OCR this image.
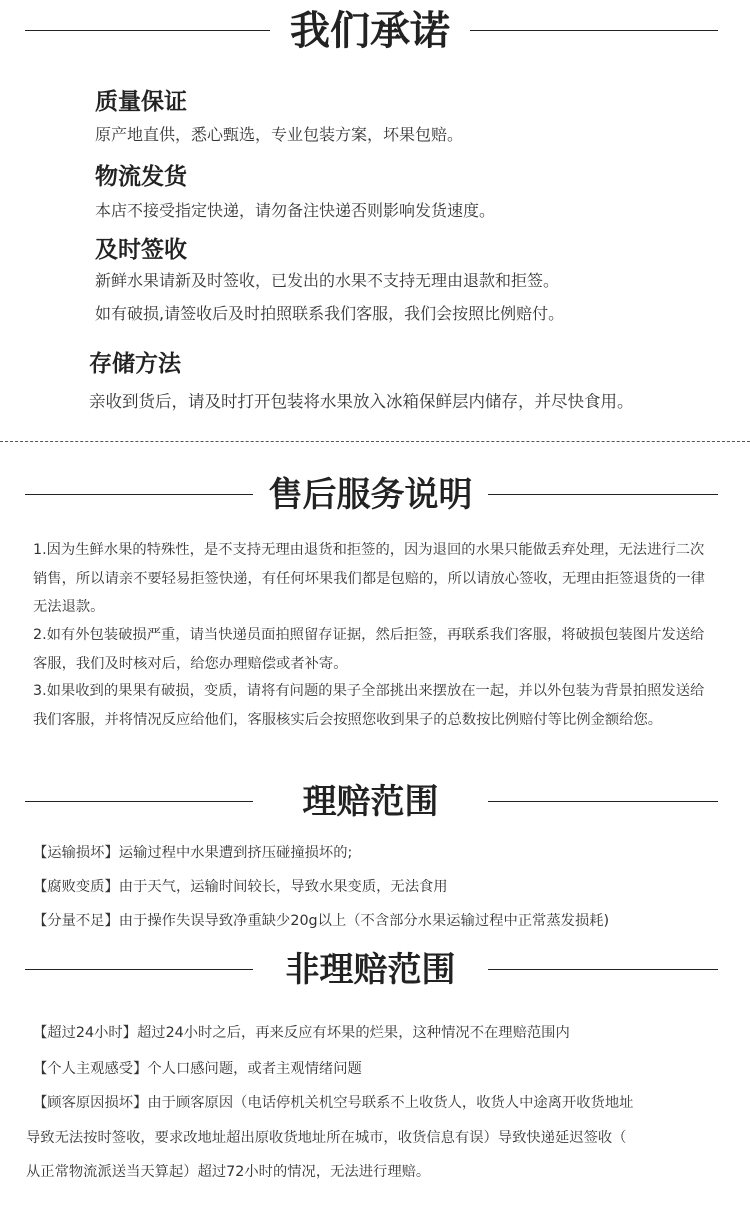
我们承诺
质量保证
原产地直供，悉心甄选，专业包装方案，坏果包赔。
物流发货
本店不接受指定快递，请勿备注快递否则影响发货速度。
及时签收
新鲜水果请新及时签收，已发出的水果不支持无理由退款和拒签。
如有破损,请签收后及时拍照联系我们客服，我们会按照比例赔付。
存储方法
亲收到货后，请及时打开包装将水果放入冰箱保鲜层内储存，并尽快食用。
售后服务说明
1.因为生鲜水果的特殊性，是不支持无理由退货和拒签的，因为退回的水果只能做丢弃处理，无法进行二次销售，所以请亲不要轻易拒签快递，有任何坏果我们都是包赔的，所以请放心签收，无理由拒签退货的一律无法退款。
2.如有外包装破损严重，请当快递员面拍照留存证据，然后拒签，再联系我们客服，将破损包装图片发送给客服，我们及时核对后，给您办理赔偿或者补寄。
3.如果收到的果果有破损，变质，请将有问题的果子全部挑出来摆放在一起，并以外包装为背景拍照发送给我们客服，并将情况反应给他们，客服核实后会按照您收到果子的总数按比例赔付等比例金额给您。
理赔范围
【运输损坏】运输过程中水果遭到挤压碰撞损坏的;
【腐败变质】由于天气，运输时间较长，导致水果变质，无法食用
【分量不足】由于操作失误导致净重缺少20g以上（不含部分水果运输过程中正常蒸发损耗)
非理赔范围
【超过24小时】超过24小时之后，再来反应有坏果的烂果，这种情况不在理赔范围内
【个人主观感受】个人口感问题，或者主观情绪问题
【顾客原因损坏】由于顾客原因（电话停机关机空号联系不上收货人，收货人中途离开收货地址
导致无法按时签收，要求改地址超出原收货地址所在城市，收货信息有误）导致快递延迟签收（
从正常物流派送当天算起）超过72小时的情况，无法进行理赔。
